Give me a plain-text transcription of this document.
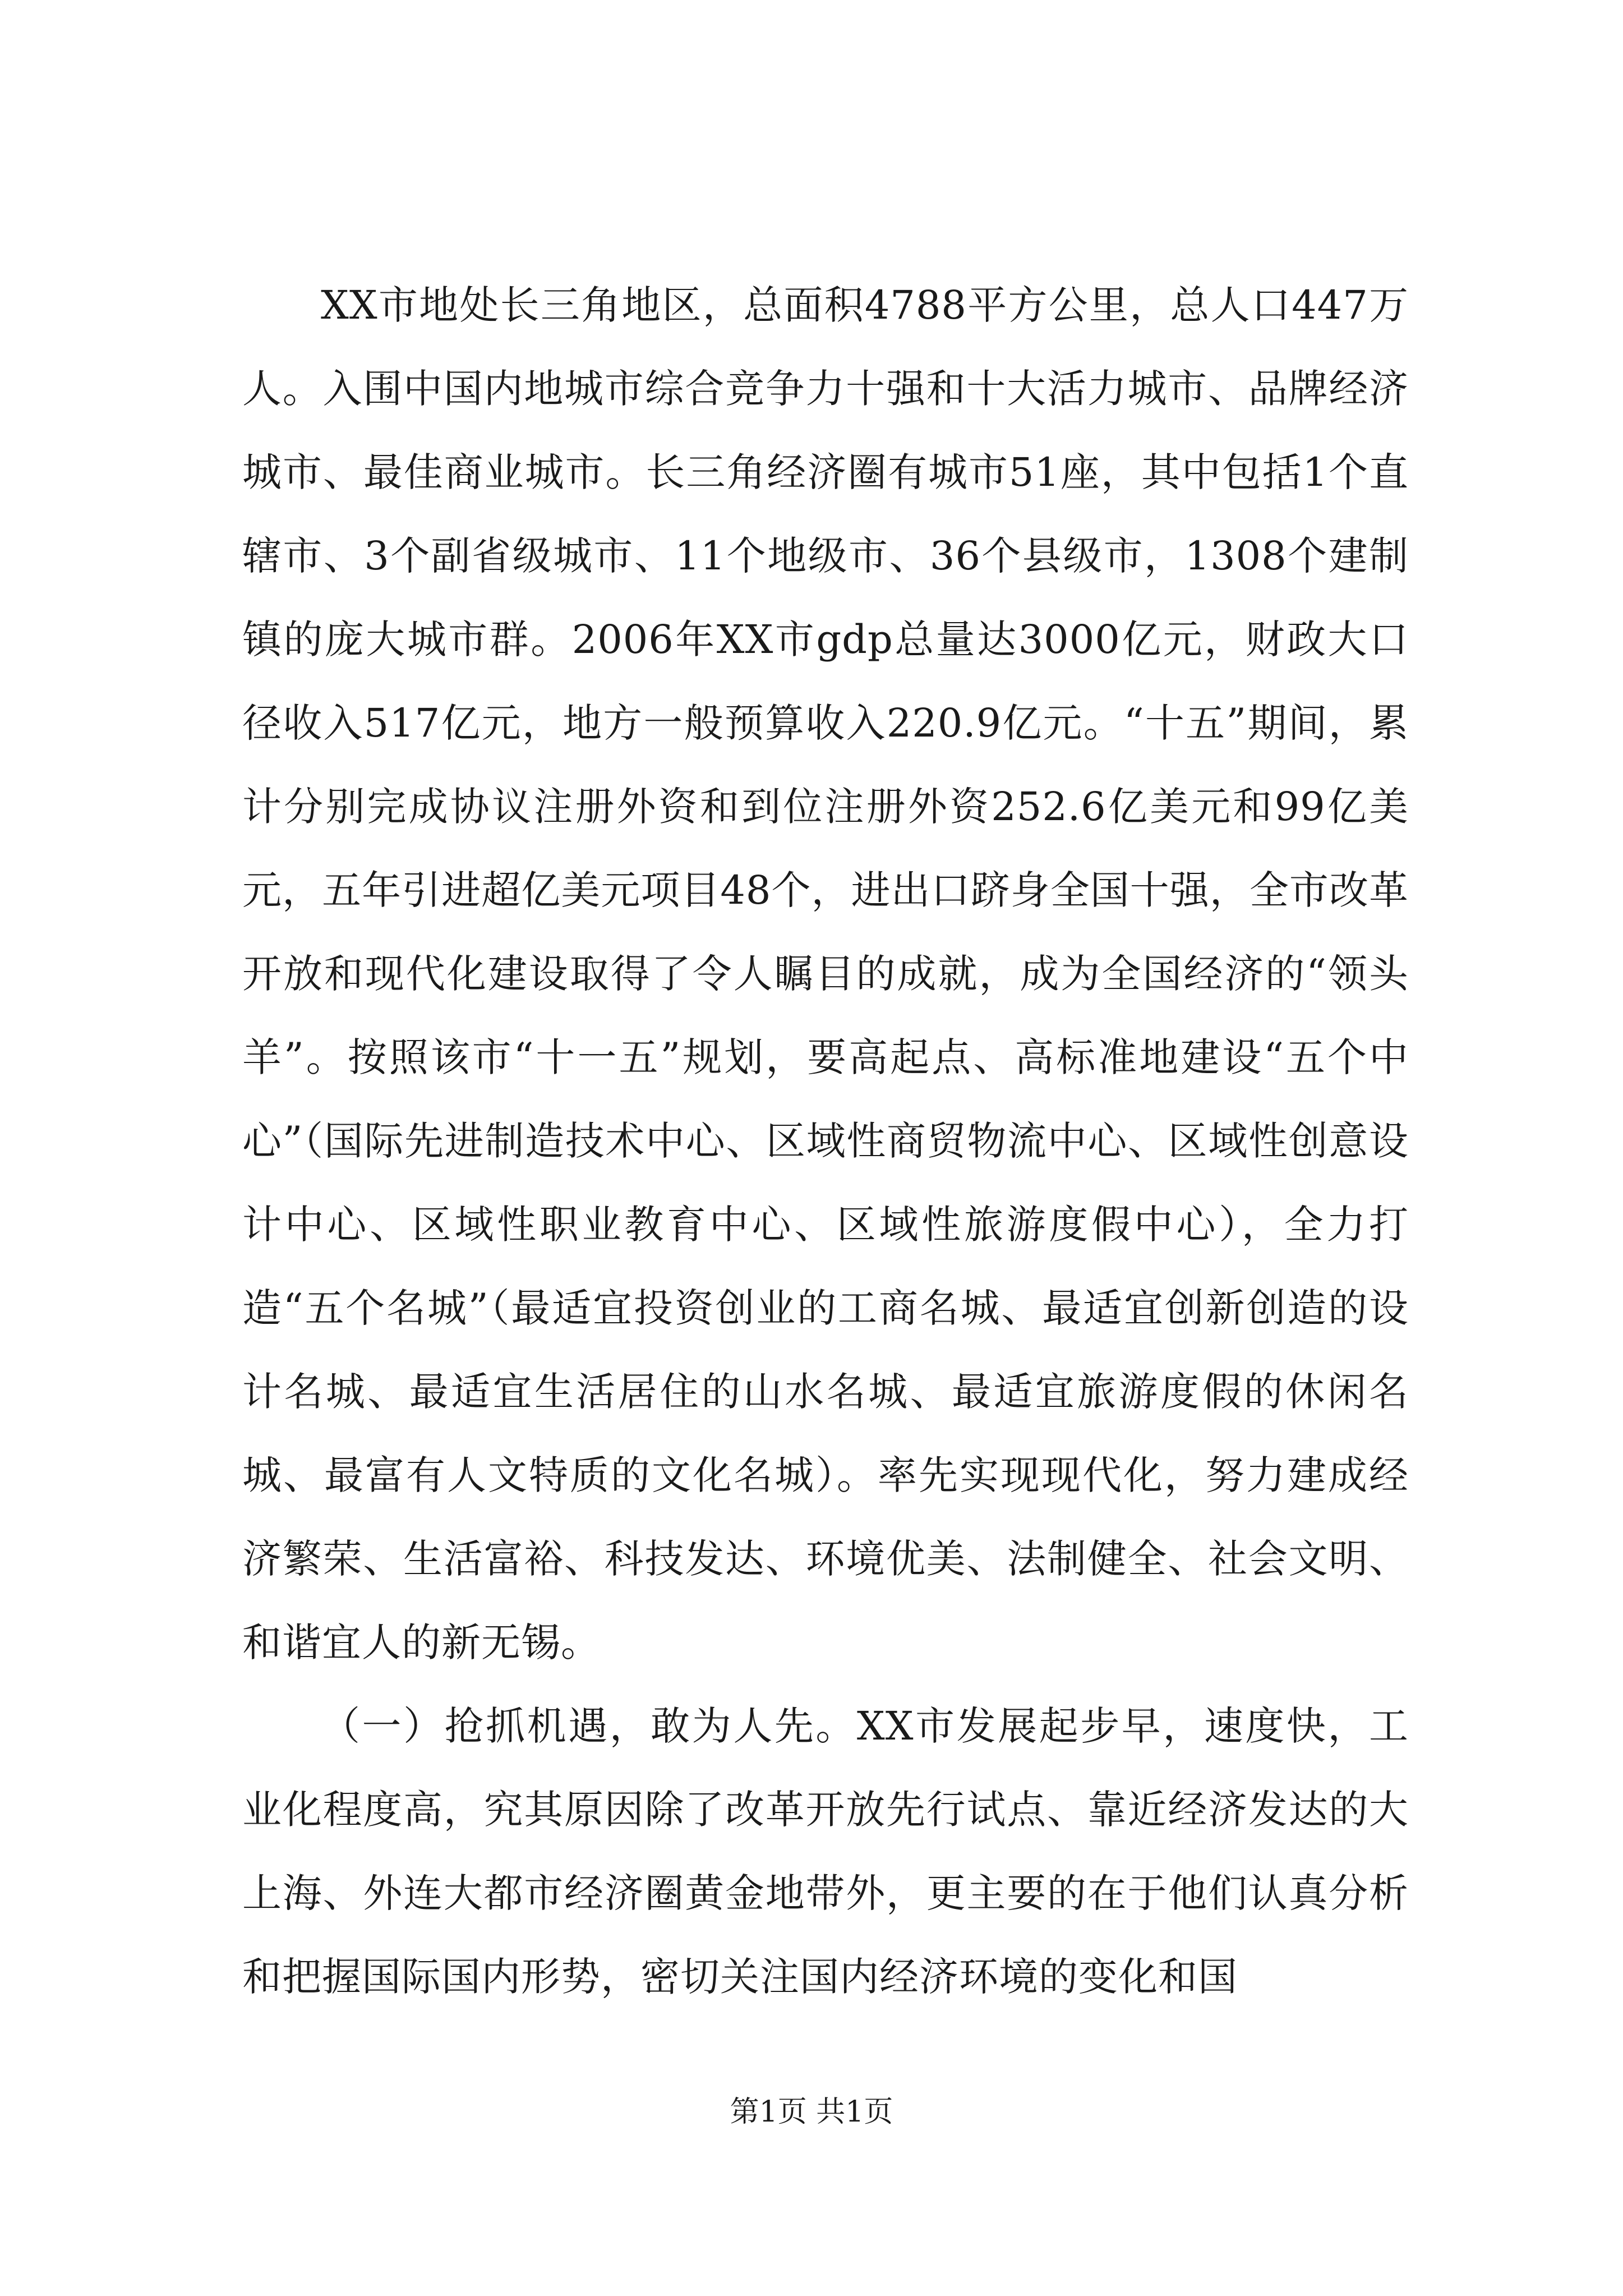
XX市地处长三角地区，总面积4788平方公里，总人口447万人。入围中国内地城市综合竞争力十强和十大活力城市、品牌经济城市、最佳商业城市。长三角经济圈有城市51座，其中包括1个直辖市、3个副省级城市、11个地级市、36个县级市，1308个建制镇的庞大城市群。2006年XX市gdp总量达3000亿元，财政大口径收入517亿元，地方一般预算收入220.9亿元。“十五”期间，累计分别完成协议注册外资和到位注册外资252.6亿美元和99亿美元，五年引进超亿美元项目48个，进出口跻身全国十强，全市改革开放和现代化建设取得了令人瞩目的成就，成为全国经济的“领头羊”。按照该市“十一五”规划，要高起点、高标准地建设“五个中心”（国际先进制造技术中心、区域性商贸物流中心、区域性创意设计中心、区域性职业教育中心、区域性旅游度假中心），全力打造“五个名城”（最适宜投资创业的工商名城、最适宜创新创造的设计名城、最适宜生活居住的山水名城、最适宜旅游度假的休闲名城、最富有人文特质的文化名城）。率先实现现代化，努力建成经济繁荣、生活富裕、科技发达、环境优美、法制健全、社会文明、和谐宜人的新无锡。

（一）抢抓机遇，敢为人先。XX市发展起步早，速度快，工业化程度高，究其原因除了改革开放先行试点、靠近经济发达的大上海、外连大都市经济圈黄金地带外，更主要的在于他们认真分析和把握国际国内形势，密切关注国内经济环境的变化和国

第1页 共1页
